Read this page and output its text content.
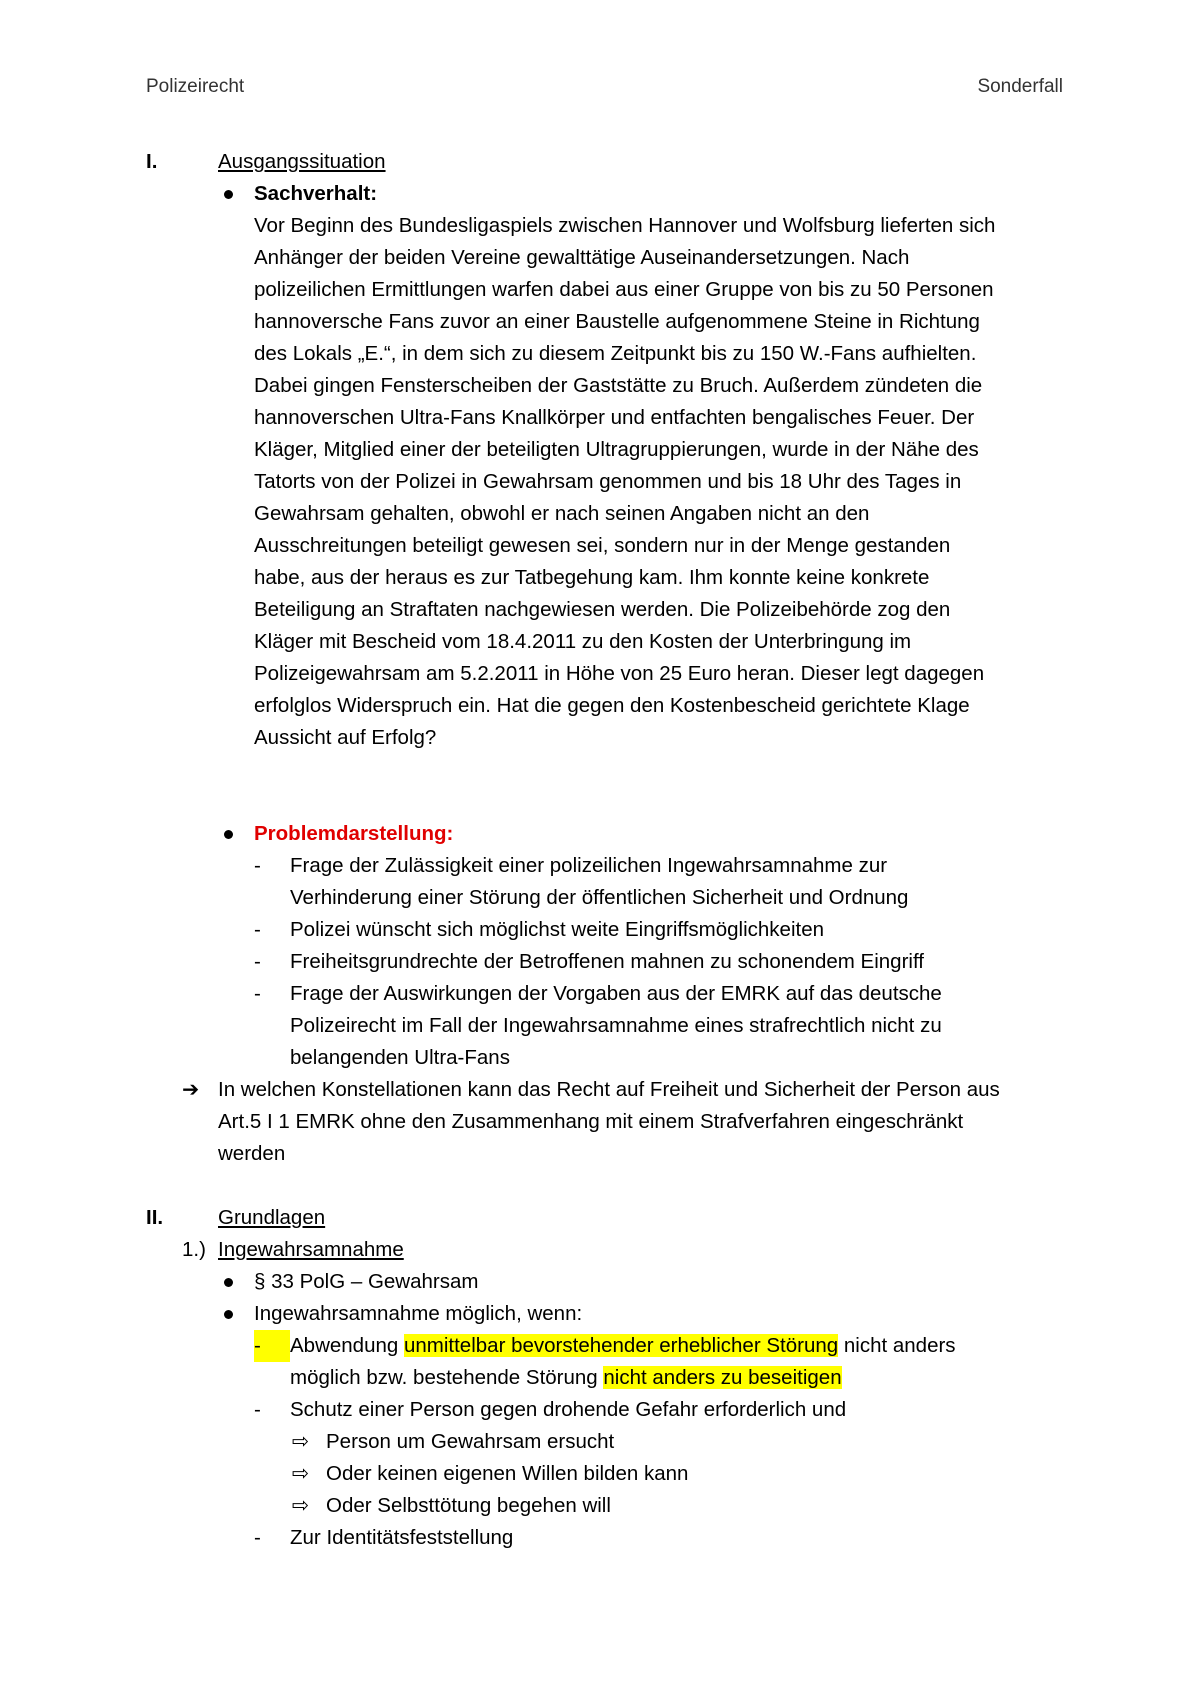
Polizeirecht	Sonderfall
I.	Ausgangssituation
Sachverhalt:
Vor Beginn des Bundesligaspiels zwischen Hannover und Wolfsburg lieferten sich
Anhänger der beiden Vereine gewalttätige Auseinandersetzungen. Nach
polizeilichen Ermittlungen warfen dabei aus einer Gruppe von bis zu 50 Personen
hannoversche Fans zuvor an einer Baustelle aufgenommene Steine in Richtung
des Lokals „E.“, in dem sich zu diesem Zeitpunkt bis zu 150 W.-Fans aufhielten.
Dabei gingen Fensterscheiben der Gaststätte zu Bruch. Außerdem zündeten die
hannoverschen Ultra-Fans Knallkörper und entfachten bengalisches Feuer. Der
Kläger, Mitglied einer der beteiligten Ultragruppierungen, wurde in der Nähe des
Tatorts von der Polizei in Gewahrsam genommen und bis 18 Uhr des Tages in
Gewahrsam gehalten, obwohl er nach seinen Angaben nicht an den
Ausschreitungen beteiligt gewesen sei, sondern nur in der Menge gestanden
habe, aus der heraus es zur Tatbegehung kam. Ihm konnte keine konkrete
Beteiligung an Straftaten nachgewiesen werden. Die Polizeibehörde zog den
Kläger mit Bescheid vom 18.4.2011 zu den Kosten der Unterbringung im
Polizeigewahrsam am 5.2.2011 in Höhe von 25 Euro heran. Dieser legt dagegen
erfolglos Widerspruch ein. Hat die gegen den Kostenbescheid gerichtete Klage
Aussicht auf Erfolg?
Problemdarstellung:
-	Frage der Zulässigkeit einer polizeilichen Ingewahrsamnahme zur
Verhinderung einer Störung der öffentlichen Sicherheit und Ordnung
-	Polizei wünscht sich möglichst weite Eingriffsmöglichkeiten
-	Freiheitsgrundrechte der Betroffenen mahnen zu schonendem Eingriff
-	Frage der Auswirkungen der Vorgaben aus der EMRK auf das deutsche
Polizeirecht im Fall der Ingewahrsamnahme eines strafrechtlich nicht zu
belangenden Ultra-Fans
➔ In welchen Konstellationen kann das Recht auf Freiheit und Sicherheit der Person aus
Art.5 I 1 EMRK ohne den Zusammenhang mit einem Strafverfahren eingeschränkt
werden
II.	Grundlagen
1.) Ingewahrsamnahme
§ 33 PolG – Gewahrsam
Ingewahrsamnahme möglich, wenn:
-	Abwendung unmittelbar bevorstehender erheblicher Störung nicht anders
möglich bzw. bestehende Störung nicht anders zu beseitigen
-	Schutz einer Person gegen drohende Gefahr erforderlich und
⇨ Person um Gewahrsam ersucht
⇨ Oder keinen eigenen Willen bilden kann
⇨ Oder Selbsttötung begehen will
-	Zur Identitätsfeststellung
